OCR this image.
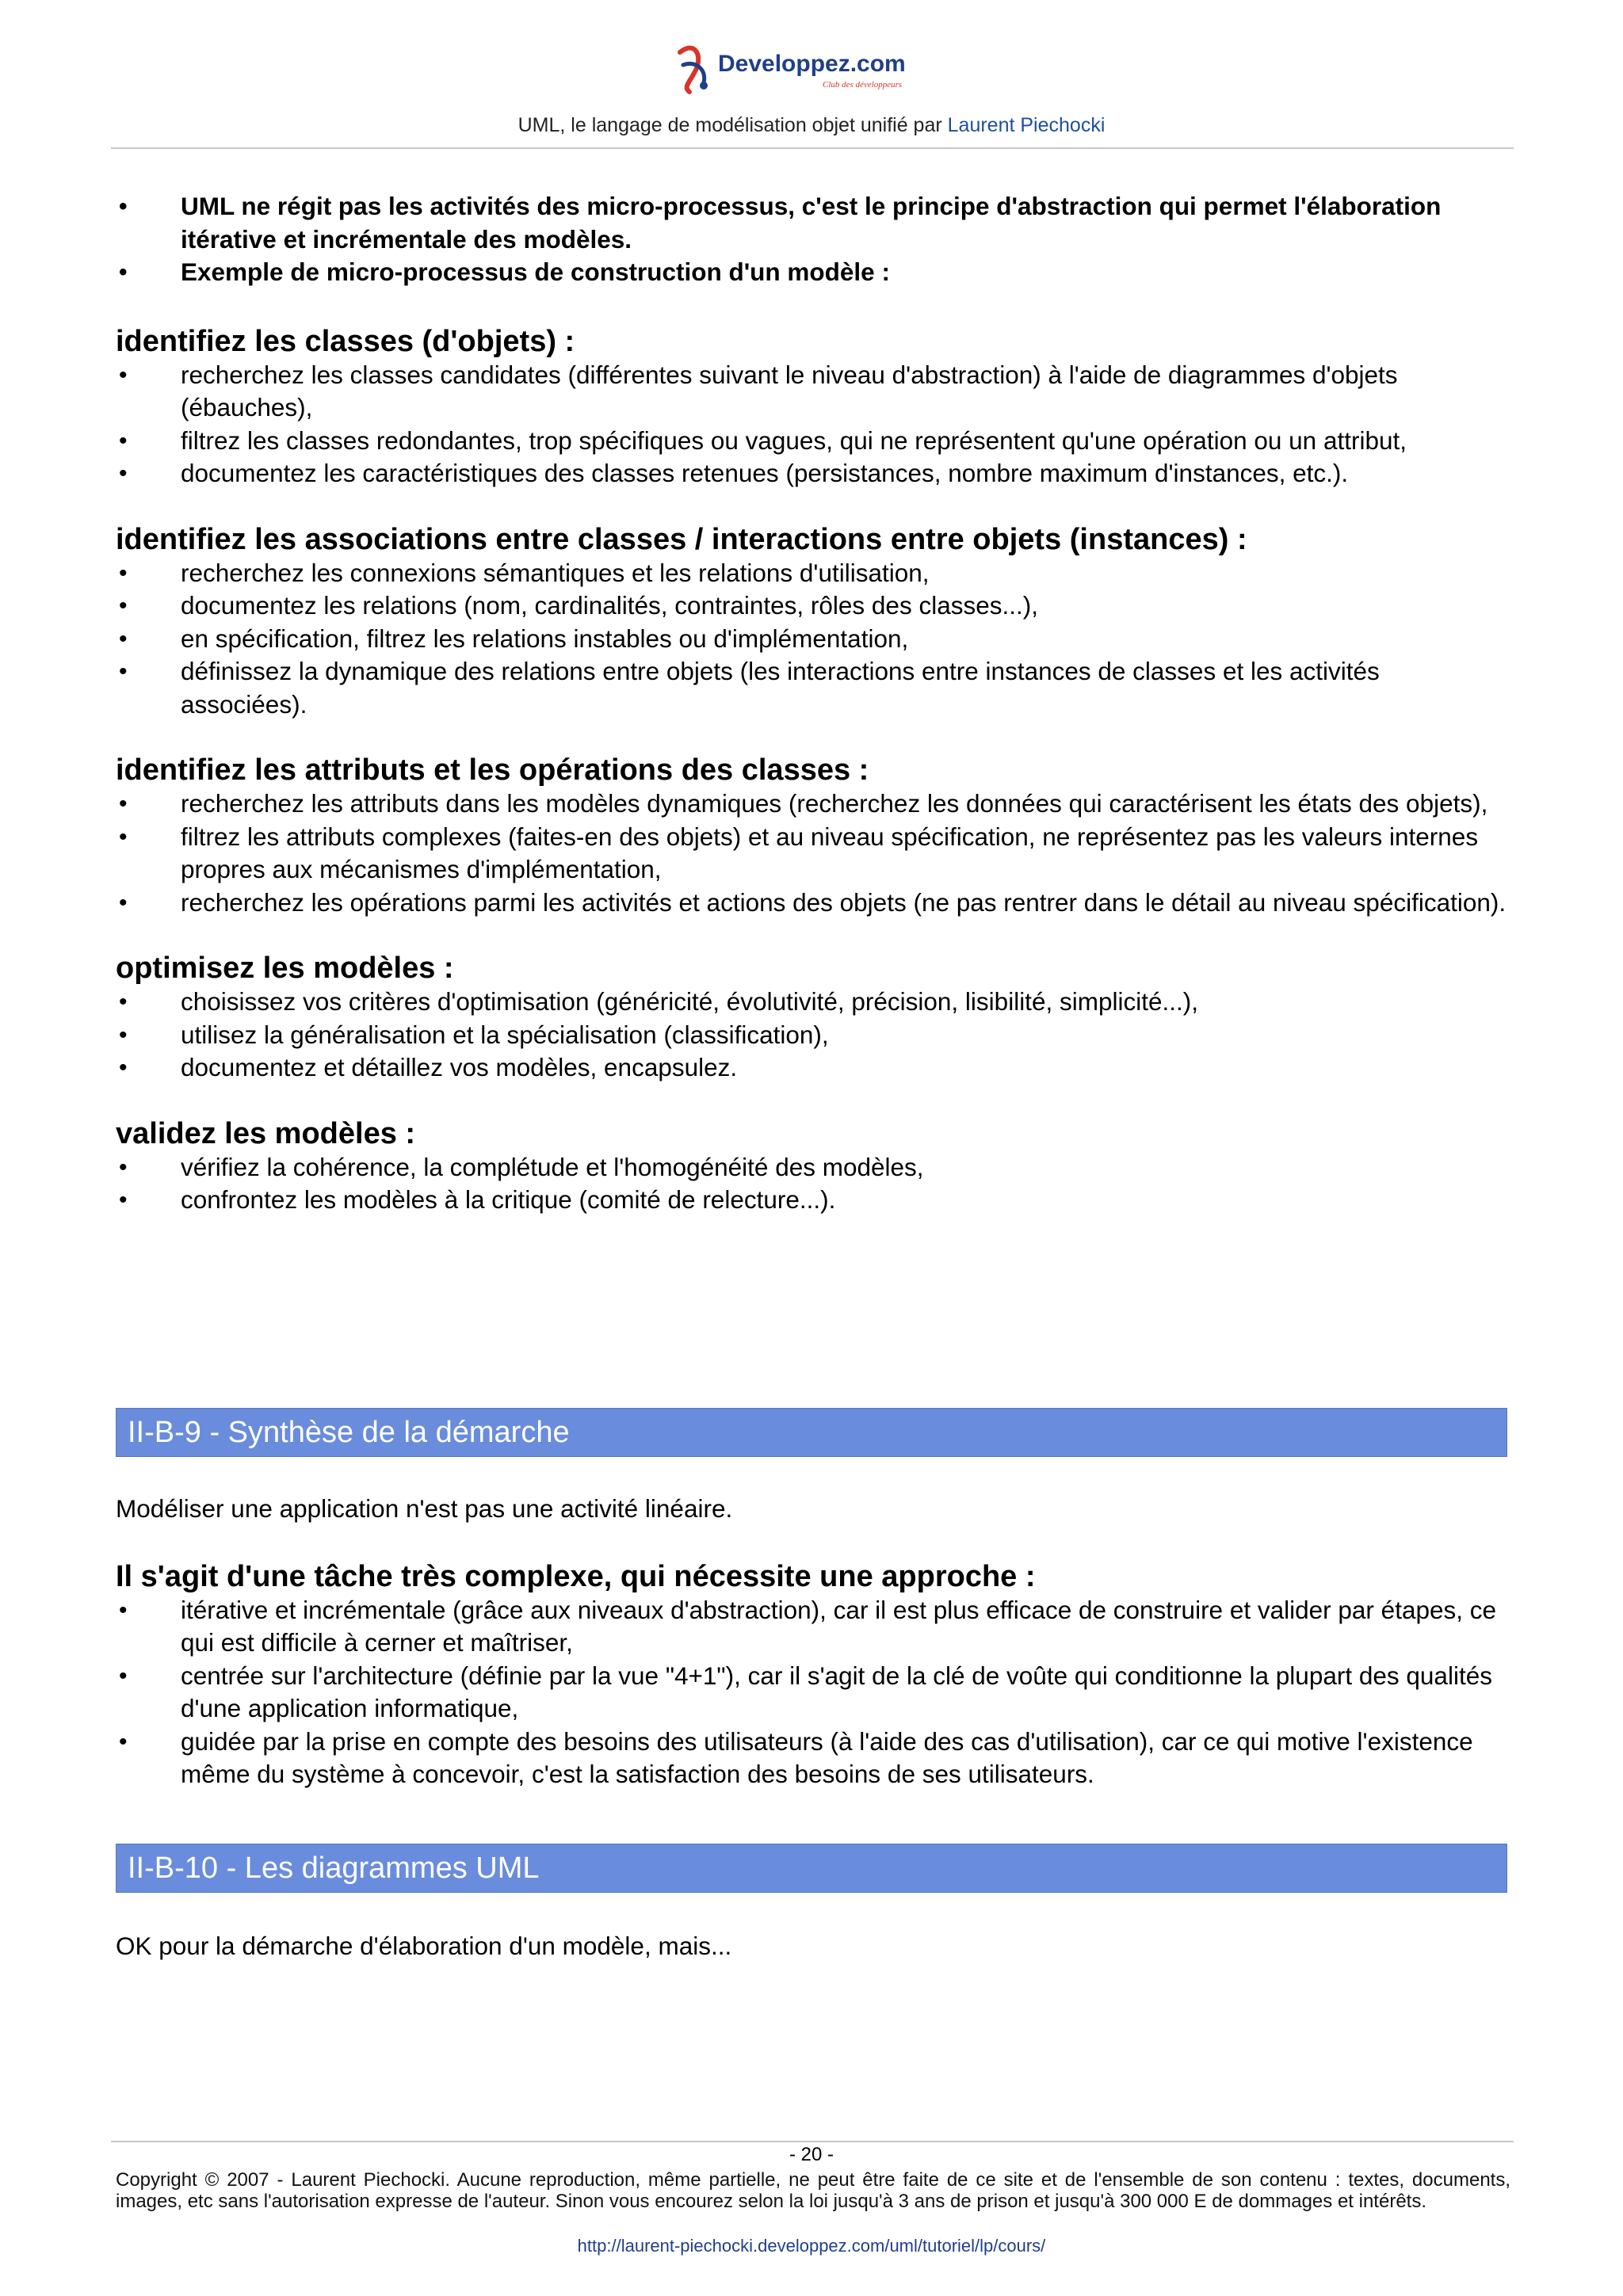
Developpez.com
Club des développeurs
UML, le langage de modélisation objet unifié par Laurent Piechocki
• UML ne régit pas les activités des micro-processus, c'est le principe d'abstraction qui permet l'élaboration itérative et incrémentale des modèles.
• Exemple de micro-processus de construction d'un modèle :
identifiez les classes (d'objets) :
• recherchez les classes candidates (différentes suivant le niveau d'abstraction) à l'aide de diagrammes d'objets (ébauches),
• filtrez les classes redondantes, trop spécifiques ou vagues, qui ne représentent qu'une opération ou un attribut,
• documentez les caractéristiques des classes retenues (persistances, nombre maximum d'instances, etc.).
identifiez les associations entre classes / interactions entre objets (instances) :
• recherchez les connexions sémantiques et les relations d'utilisation,
• documentez les relations (nom, cardinalités, contraintes, rôles des classes...),
• en spécification, filtrez les relations instables ou d'implémentation,
• définissez la dynamique des relations entre objets (les interactions entre instances de classes et les activités associées).
identifiez les attributs et les opérations des classes :
• recherchez les attributs dans les modèles dynamiques (recherchez les données qui caractérisent les états des objets),
• filtrez les attributs complexes (faites-en des objets) et au niveau spécification, ne représentez pas les valeurs internes propres aux mécanismes d'implémentation,
• recherchez les opérations parmi les activités et actions des objets (ne pas rentrer dans le détail au niveau spécification).
optimisez les modèles :
• choisissez vos critères d'optimisation (généricité, évolutivité, précision, lisibilité, simplicité...),
• utilisez la généralisation et la spécialisation (classification),
• documentez et détaillez vos modèles, encapsulez.
validez les modèles :
• vérifiez la cohérence, la complétude et l'homogénéité des modèles,
• confrontez les modèles à la critique (comité de relecture...).
II-B-9 - Synthèse de la démarche

Modéliser une application n'est pas une activité linéaire.

Il s'agit d'une tâche très complexe, qui nécessite une approche :
• itérative et incrémentale (grâce aux niveaux d'abstraction), car il est plus efficace de construire et valider par étapes, ce qui est difficile à cerner et maîtriser,
• centrée sur l'architecture (définie par la vue "4+1"), car il s'agit de la clé de voûte qui conditionne la plupart des qualités d'une application informatique,
• guidée par la prise en compte des besoins des utilisateurs (à l'aide des cas d'utilisation), car ce qui motive l'existence même du système à concevoir, c'est la satisfaction des besoins de ses utilisateurs.
II-B-10 - Les diagrammes UML

OK pour la démarche d'élaboration d'un modèle, mais...

- 20 -
Copyright © 2007 - Laurent Piechocki. Aucune reproduction, même partielle, ne peut être faite de ce site et de l'ensemble de son contenu : textes, documents, images, etc sans l'autorisation expresse de l'auteur. Sinon vous encourez selon la loi jusqu'à 3 ans de prison et jusqu'à 300 000 E de dommages et intérêts.
http://laurent-piechocki.developpez.com/uml/tutoriel/lp/cours/
